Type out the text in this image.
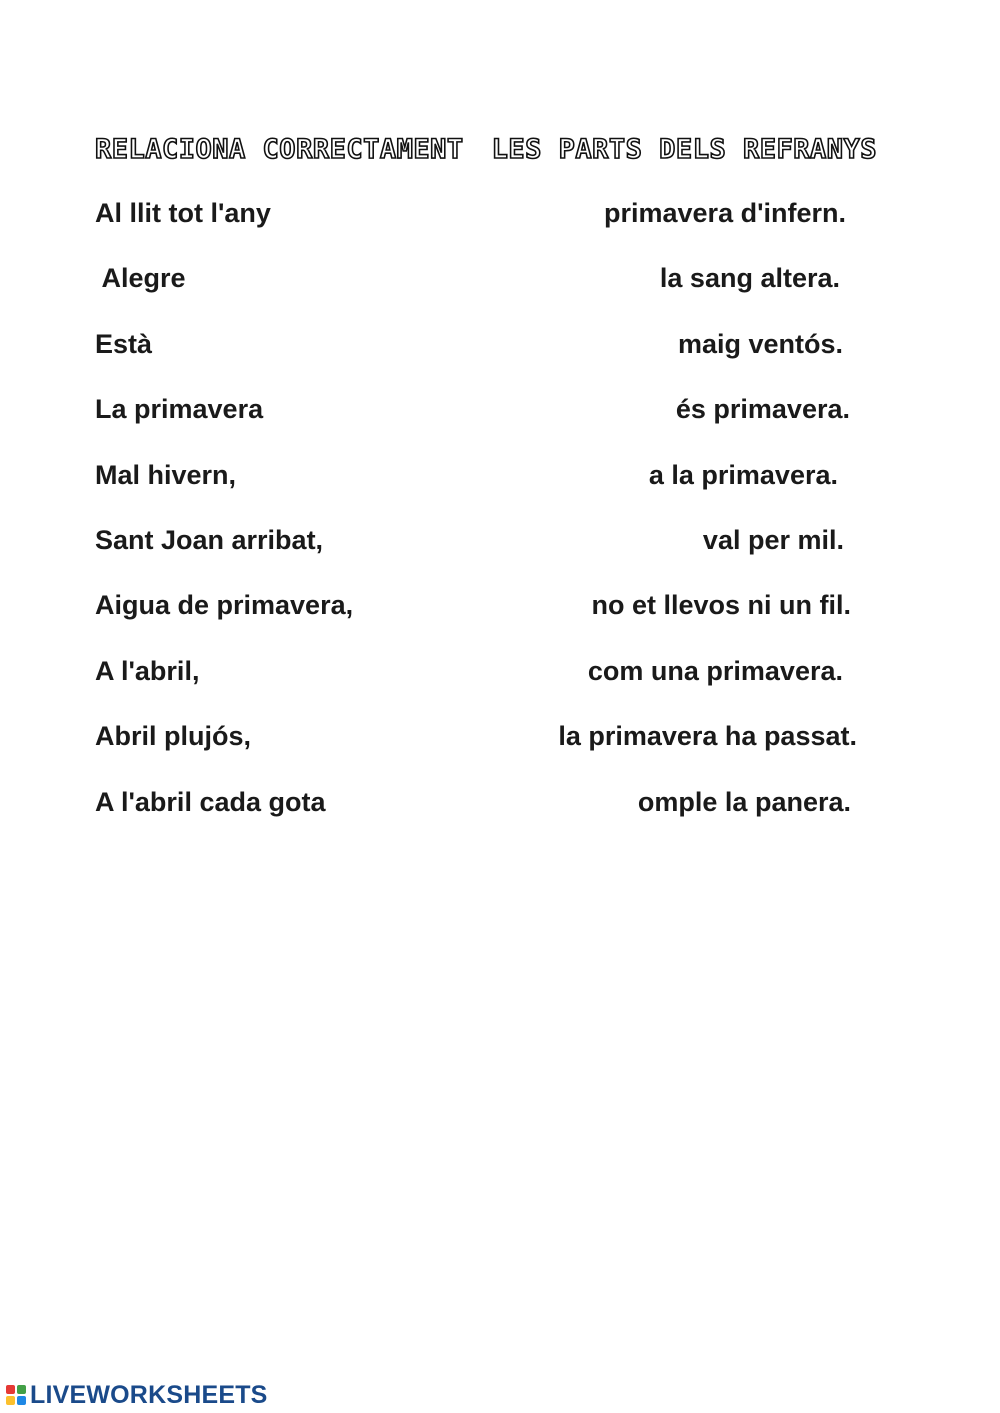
RELACIONA CORRECTAMENT LES PARTS DELS REFRANYS
Al llit tot l'any	primavera d'infern.
Alegre	la sang altera.
Està	maig ventós.
La primavera	és primavera.
Mal hivern,	a la primavera.
Sant Joan arribat,	val per mil.
Aigua de primavera,	no et llevos ni un fil.
A l'abril,	com una primavera.
Abril plujós,	la primavera ha passat.
A l'abril cada gota	omple la panera.
LIVEWORKSHEETS
